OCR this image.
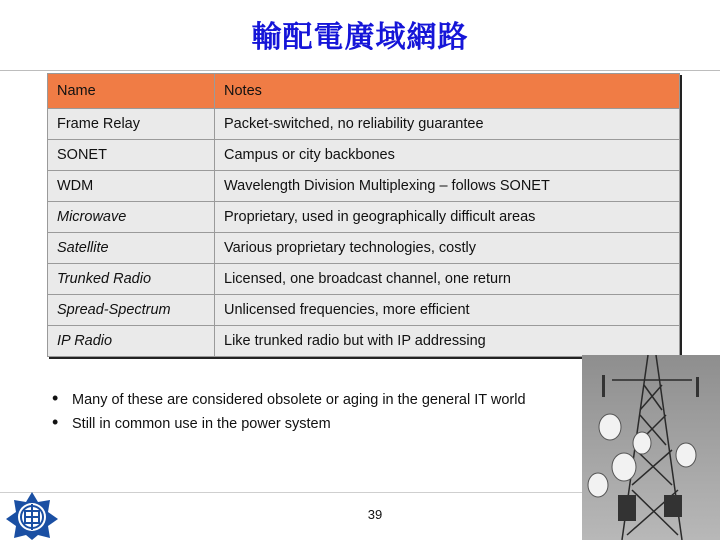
輸配電廣域網路
Name	Notes
Frame Relay	Packet-switched, no reliability guarantee
SONET	Campus or city backbones
WDM	Wavelength Division Multiplexing – follows SONET
Microwave	Proprietary, used in geographically difficult areas
Satellite	Various proprietary technologies, costly
Trunked Radio	Licensed, one broadcast channel, one return
Spread-Spectrum	Unlicensed frequencies, more efficient
IP Radio	Like trunked radio but with IP addressing
• Many of these are considered obsolete or aging in the general IT world
• Still in common use in the power system
39
